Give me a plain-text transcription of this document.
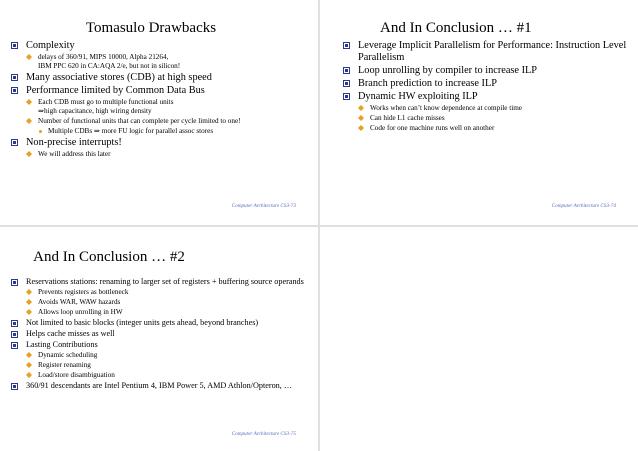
Tomasulo Drawbacks
Complexity
delays of 360/91, MIPS 10000, Alpha 21264,
IBM PPC 620 in CA:AQA 2/e, but not in silicon!
Many associative stores (CDB) at high speed
Performance limited by Common Data Bus
Each CDB must go to multiple functional units
⇒high capacitance, high wiring density
Number of functional units that can complete per cycle limited to one!
Multiple CDBs ⇒ more FU logic for parallel assoc stores
Non-precise interrupts!
We will address this later
Computer Architecture CS3-73
And In Conclusion … #1
Leverage Implicit Parallelism for Performance: Instruction Level Parallelism
Loop unrolling by compiler to increase ILP
Branch prediction to increase ILP
Dynamic HW exploiting ILP
Works when can’t know dependence at compile time
Can hide L1 cache misses
Code for one machine runs well on another
Computer Architecture CS3-74
And In Conclusion … #2
Reservations stations: renaming to larger set of registers + buffering source operands
Prevents registers as bottleneck
Avoids WAR, WAW hazards
Allows loop unrolling in HW
Not limited to basic blocks (integer units gets ahead, beyond branches)
Helps cache misses as well
Lasting Contributions
Dynamic scheduling
Register renaming
Load/store disambiguation
360/91 descendants are Intel Pentium 4, IBM Power 5, AMD Athlon/Opteron, …
Computer Architecture CS3-75
